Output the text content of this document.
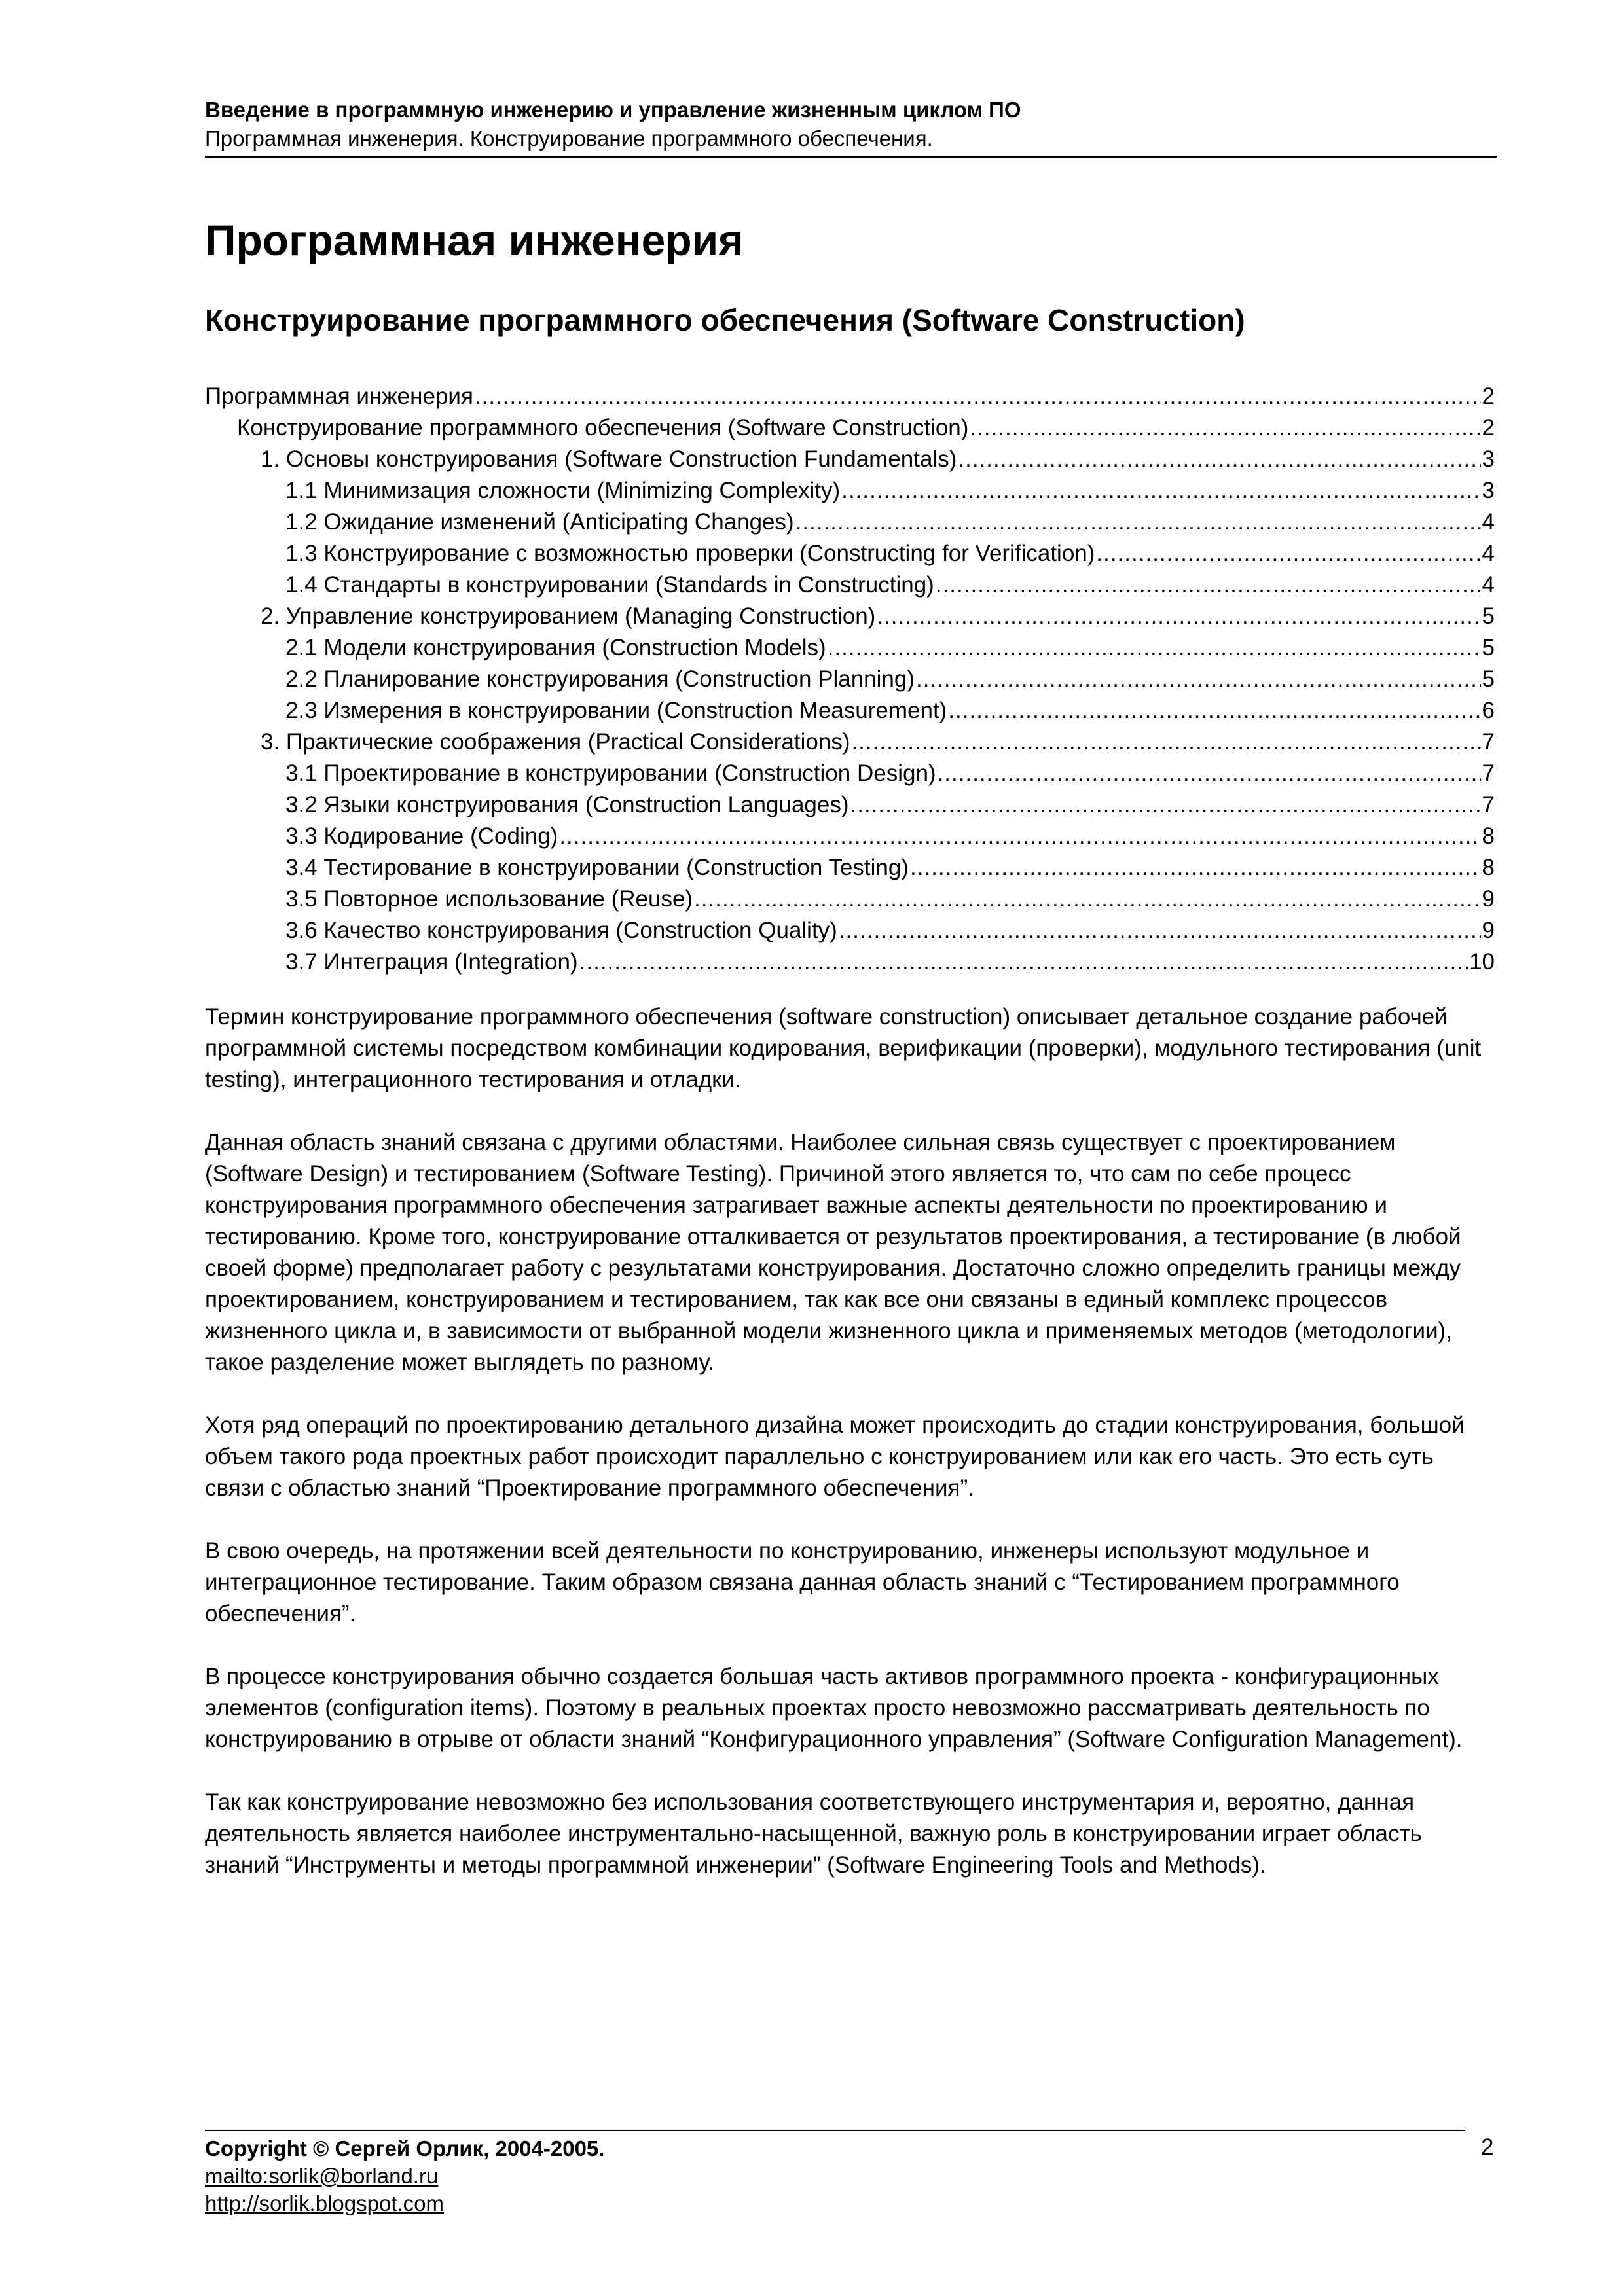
Введение в программную инженерию и управление жизненным циклом ПО
Программная инженерия. Конструирование программного обеспечения.
Программная инженерия
Конструирование программного обеспечения (Software Construction)
Программная инженерия .....	2
Конструирование программного обеспечения (Software Construction) .....	2
1. Основы конструирования (Software Construction Fundamentals) .....	3
1.1 Минимизация сложности (Minimizing Complexity) .....	3
1.2 Ожидание изменений (Anticipating Changes) .....	4
1.3 Конструирование с возможностью проверки (Constructing for Verification) .....	4
1.4 Стандарты в конструировании (Standards in Constructing) .....	4
2. Управление конструированием (Managing Construction) .....	5
2.1 Модели конструирования (Construction Models) .....	5
2.2 Планирование конструирования (Construction Planning) .....	5
2.3 Измерения в конструировании (Construction Measurement) .....	6
3. Практические соображения (Practical Considerations) .....	7
3.1 Проектирование в конструировании (Construction Design) .....	7
3.2 Языки конструирования (Construction Languages) .....	7
3.3 Кодирование (Coding) .....	8
3.4 Тестирование в конструировании (Construction Testing) .....	8
3.5 Повторное использование (Reuse) .....	9
3.6 Качество конструирования (Construction Quality) .....	9
3.7 Интеграция (Integration) .....	10

Термин конструирование программного обеспечения (software construction) описывает детальное создание рабочей программной системы посредством комбинации кодирования, верификации (проверки), модульного тестирования (unit testing), интеграционного тестирования и отладки.

Данная область знаний связана с другими областями. Наиболее сильная связь существует с проектированием (Software Design) и тестированием (Software Testing). Причиной этого является то, что сам по себе процесс конструирования программного обеспечения затрагивает важные аспекты деятельности по проектированию и тестированию. Кроме того, конструирование отталкивается от результатов проектирования, а тестирование (в любой своей форме) предполагает работу с результатами конструирования. Достаточно сложно определить границы между проектированием, конструированием и тестированием, так как все они связаны в единый комплекс процессов жизненного цикла и, в зависимости от выбранной модели жизненного цикла и применяемых методов (методологии), такое разделение может выглядеть по разному.

Хотя ряд операций по проектированию детального дизайна может происходить до стадии конструирования, большой объем такого рода проектных работ происходит параллельно с конструированием или как его часть. Это есть суть связи с областью знаний “Проектирование программного обеспечения”.

В свою очередь, на протяжении всей деятельности по конструированию, инженеры используют модульное и интеграционное тестирование. Таким образом связана данная область знаний с “Тестированием программного обеспечения”.

В процессе конструирования обычно создается большая часть активов программного проекта - конфигурационных элементов (configuration items). Поэтому в реальных проектах просто невозможно рассматривать деятельность по конструированию в отрыве от области знаний “Конфигурационного управления” (Software Configuration Management).

Так как конструирование невозможно без использования соответствующего инструментария и, вероятно, данная деятельность является наиболее инструментально-насыщенной, важную роль в конструировании играет область знаний “Инструменты и методы программной инженерии” (Software Engineering Tools and Methods).

Copyright © Сергей Орлик, 2004-2005.
mailto:sorlik@borland.ru
http://sorlik.blogspot.com
2
